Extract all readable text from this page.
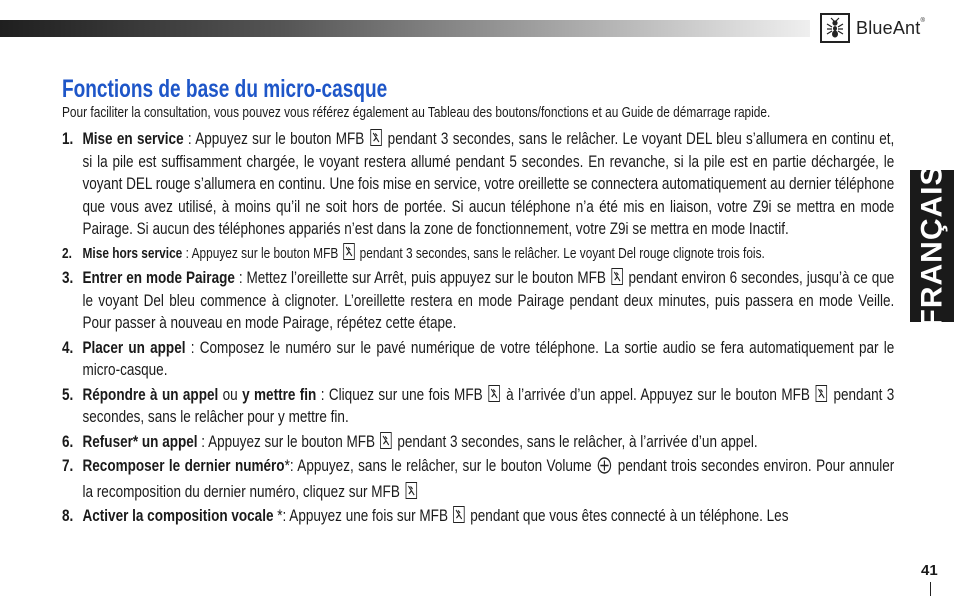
BlueAnt®
FRANÇAIS
Fonctions de base du micro-casque

Pour faciliter la consultation, vous pouvez vous référez également au Tableau des boutons/fonctions et au Guide de démarrage rapide.

1. Mise en service : Appuyez sur le bouton MFB
pendant 3 secondes, sans le relâcher. Le voyant DEL bleu s’allumera en continu et, si la pile est suffisamment chargée, le voyant restera allumé pendant 5 secondes. En revanche, si la pile est en partie déchargée, le voyant DEL rouge s’allumera en continu. Une fois mise en service, votre oreillette se connectera automatiquement au dernier téléphone que vous avez utilisé, à moins qu’il ne soit hors de portée. Si aucun téléphone n’a été mis en liaison, votre Z9i se mettra en mode Pairage. Si aucun des téléphones appariés n’est dans la zone de fonctionnement, votre Z9i se mettra en mode Inactif.
2. Mise hors service : Appuyez sur le bouton MFB
pendant 3 secondes, sans le relâcher. Le voyant Del rouge clignote trois fois.
3. Entrer en mode Pairage : Mettez l’oreillette sur Arrêt, puis appuyez sur le bouton MFB
pendant environ 6 secondes, jusqu’à ce que le voyant Del bleu commence à clignoter. L’oreillette restera en mode Pairage pendant deux minutes, puis passera en mode Veille. Pour passer à nouveau en mode Pairage, répétez cette étape.
4. Placer un appel : Composez le numéro sur le pavé numérique de votre téléphone. La sortie audio se fera automatiquement par le micro-casque.
5. Répondre à un appel ou y mettre fin : Cliquez sur une fois MFB
à l’arrivée d’un appel. Appuyez sur le bouton MFB
pendant 3 secondes, sans le relâcher pour y mettre fin.
6. Refuser* un appel : Appuyez sur le bouton MFB
pendant 3 secondes, sans le relâcher, à l’arrivée d’un appel.
7. Recomposer le dernier numéro*: Appuyez, sans le relâcher, sur le bouton Volume  pendant trois secondes environ. Pour annuler la recomposition du dernier numéro, cliquez sur MFB
8. Activer la composition vocale *: Appuyez une fois sur MFB
pendant que vous êtes connecté à un téléphone. Les
41
